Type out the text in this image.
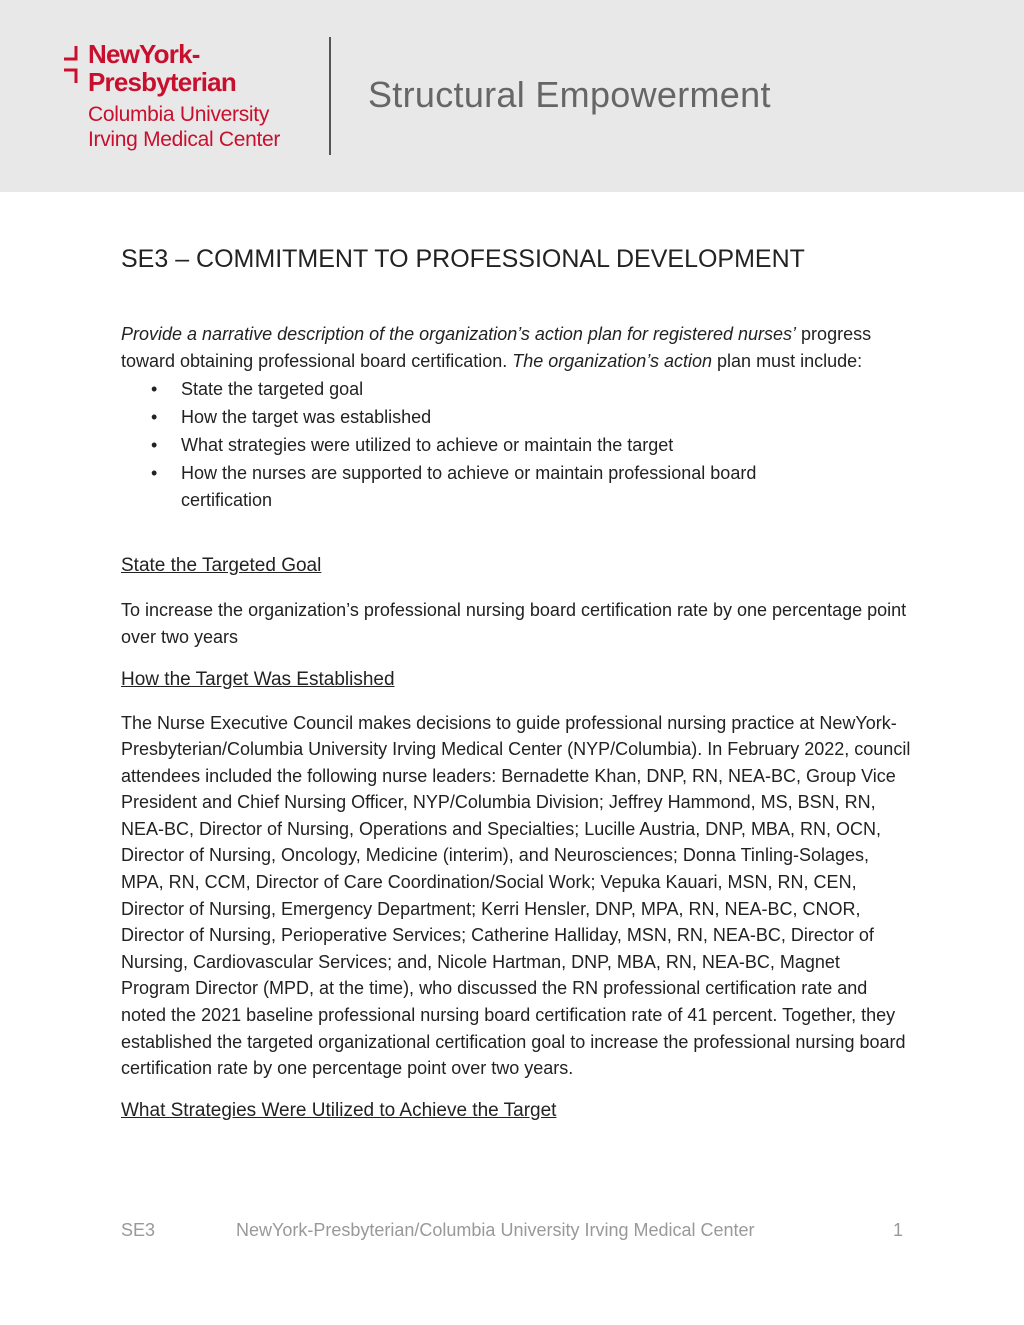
NewYork-
Presbyterian
Columbia University
Irving Medical Center
Structural Empowerment
SE3 – COMMITMENT TO PROFESSIONAL DEVELOPMENT

Provide a narrative description of the organization’s action plan for registered nurses’ progress toward obtaining professional board certification. The organization’s action plan must include:

• State the targeted goal
• How the target was established
• What strategies were utilized to achieve or maintain the target
• How the nurses are supported to achieve or maintain professional board certification
State the Targeted Goal

To increase the organization’s professional nursing board certification rate by one percentage point over two years

How the Target Was Established

The Nurse Executive Council makes decisions to guide professional nursing practice at NewYork-Presbyterian/Columbia University Irving Medical Center (NYP/Columbia). In February 2022, council attendees included the following nurse leaders: Bernadette Khan, DNP, RN, NEA-BC, Group Vice President and Chief Nursing Officer, NYP/Columbia Division; Jeffrey Hammond, MS, BSN, RN, NEA-BC, Director of Nursing, Operations and Specialties; Lucille Austria, DNP, MBA, RN, OCN, Director of Nursing, Oncology, Medicine (interim), and Neurosciences; Donna Tinling-Solages, MPA, RN, CCM, Director of Care Coordination/Social Work; Vepuka Kauari, MSN, RN, CEN, Director of Nursing, Emergency Department; Kerri Hensler, DNP, MPA, RN, NEA-BC, CNOR, Director of Nursing, Perioperative Services; Catherine Halliday, MSN, RN, NEA-BC, Director of Nursing, Cardiovascular Services; and, Nicole Hartman, DNP, MBA, RN, NEA-BC, Magnet Program Director (MPD, at the time), who discussed the RN professional certification rate and noted the 2021 baseline professional nursing board certification rate of 41 percent. Together, they established the targeted organizational certification goal to increase the professional nursing board certification rate by one percentage point over two years.

What Strategies Were Utilized to Achieve the Target
SE3	NewYork-Presbyterian/Columbia University Irving Medical Center	1
